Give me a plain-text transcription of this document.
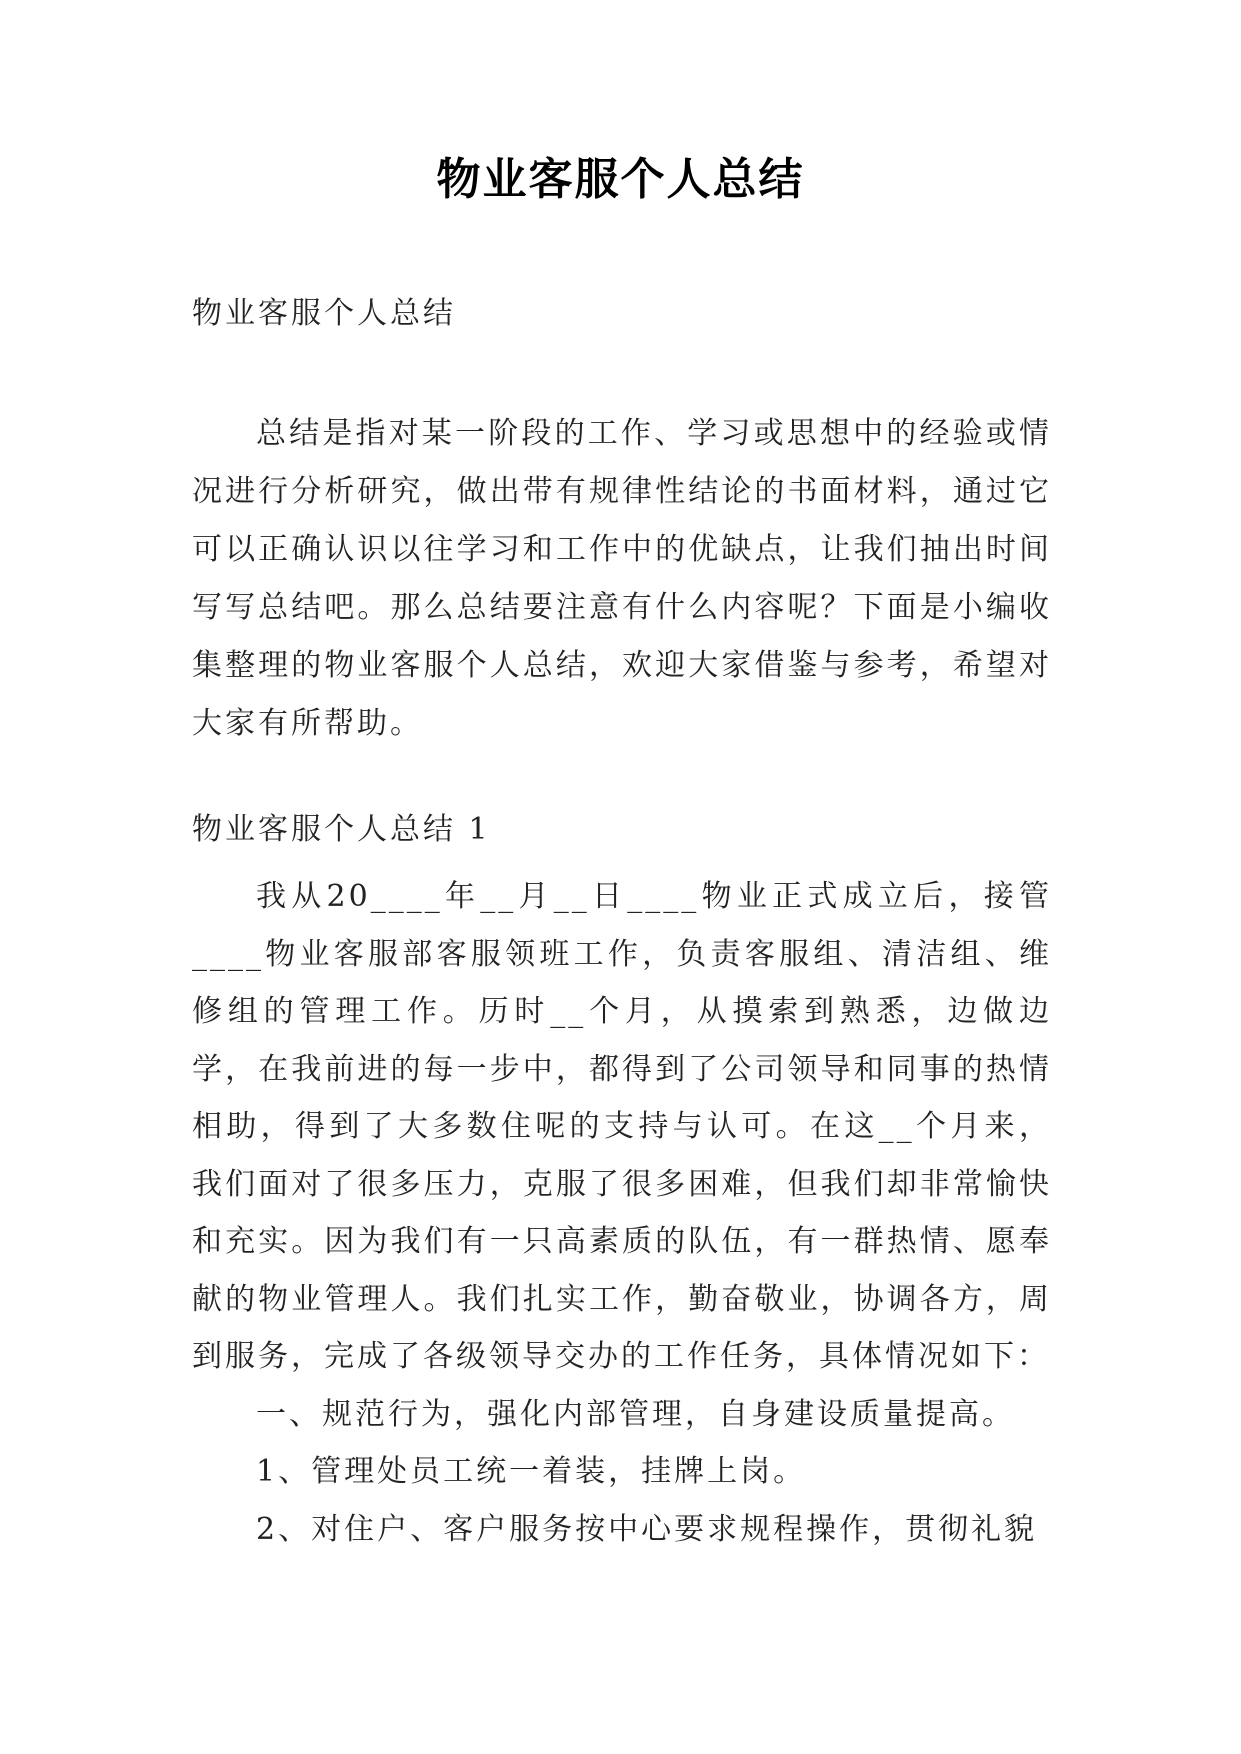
物业客服个人总结
物业客服个人总结
总结是指对某一阶段的工作、学习或思想中的经验或情况进行分析研究，做出带有规律性结论的书面材料，通过它可以正确认识以往学习和工作中的优缺点，让我们抽出时间写写总结吧。那么总结要注意有什么内容呢？下面是小编收集整理的物业客服个人总结，欢迎大家借鉴与参考，希望对大家有所帮助。
物业客服个人总结 1

我从20____年__月__日____物业正式成立后，接管____物业客服部客服领班工作，负责客服组、清洁组、维修组的管理工作。历时__个月，从摸索到熟悉，边做边学，在我前进的每一步中，都得到了公司领导和同事的热情相助，得到了大多数住呢的支持与认可。在这__个月来，我们面对了很多压力，克服了很多困难，但我们却非常愉快和充实。因为我们有一只高素质的队伍，有一群热情、愿奉献的物业管理人。我们扎实工作，勤奋敬业，协调各方，周到服务，完成了各级领导交办的工作任务，具体情况如下：

一、规范行为，强化内部管理，自身建设质量提高。

1、管理处员工统一着装，挂牌上岗。

2、对住户、客户服务按中心要求规程操作，贯彻礼貌
